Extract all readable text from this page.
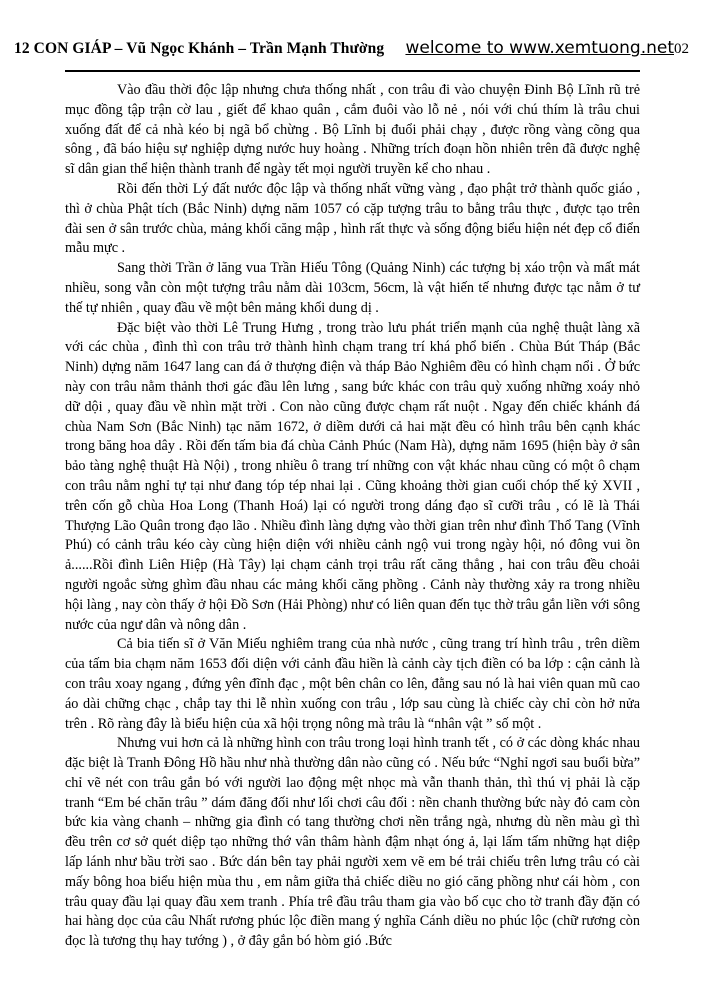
12 CON GIÁP – Vũ Ngọc Khánh – Trần Mạnh Thường welcome to www.xemtuong.net02

Vào đầu thời độc lập nhưng chưa thống nhất , con trâu đi vào chuyện Đinh Bộ Lĩnh rũ trẻ mục đồng tập trận cờ lau , giết để khao quân , cắm đuôi vào lỗ nẻ , nói với chú thím là trâu chui xuống đất để cả nhà kéo bị ngã bổ chừng . Bộ Lĩnh bị đuổi phải chạy , được rồng vàng cõng qua sông , đã báo hiệu sự nghiệp dựng nước huy hoàng . Những trích đoạn hồn nhiên trên đã được nghệ sĩ dân gian thể hiện thành tranh để ngày tết mọi người truyền kể cho nhau .

Rồi đến thời Lý đất nước độc lập và thống nhất vững vàng , đạo phật trở thành quốc giáo , thì ở chùa Phật tích (Bắc Ninh) dựng năm 1057 có cặp tượng trâu to bằng trâu thực , được tạo trên đài sen ở sân trước chùa, mảng khối căng mập , hình rất thực và sống động biểu hiện nét đẹp cổ điển mẫu mực .

Sang thời Trần ở lăng vua Trần Hiếu Tông (Quảng Ninh) các tượng bị xáo trộn và mất mát nhiều, song vẫn còn một tượng trâu nằm dài 103cm, 56cm, là vật hiến tế nhưng được tạc nằm ở tư thế tự nhiên , quay đầu về một bên mảng khối dung dị .

Đặc biệt vào thời Lê Trung Hưng , trong trào lưu phát triển mạnh của nghệ thuật làng xã với các chùa , đình thì con trâu trở thành hình chạm trang trí khá phổ biến . Chùa Bút Tháp (Bắc Ninh) dựng năm 1647 lang can đá ở thượng điện và tháp Bảo Nghiêm đều có hình chạm nổi . Ở bức này con trâu nằm thảnh thơi gác đầu lên lưng , sang bức khác con trâu quỳ xuống những xoáy nhỏ dữ dội , quay đầu về nhìn mặt trời . Con nào cũng được chạm rất nuột . Ngay đến chiếc khánh đá chùa Nam Sơn (Bắc Ninh) tạc năm 1672, ở diềm dưới cả hai mặt đều có hình trâu bên cạnh khác trong băng hoa dây . Rồi đến tấm bia đá chùa Cảnh Phúc (Nam Hà), dựng năm 1695 (hiện bày ở sân bảo tàng nghệ thuật Hà Nội) , trong nhiều ô trang trí những con vật khác nhau cũng có một ô chạm con trâu nằm nghỉ tự tại như đang tóp tép nhai lại . Cũng khoảng thời gian cuối chóp thế kỷ XVII , trên cốn gỗ chùa Hoa Long (Thanh Hoá) lại có người trong dáng đạo sĩ cưỡi trâu , có lẽ là Thái Thượng Lão Quân trong đạo lão . Nhiều đình làng dựng vào thời gian trên như đình Thổ Tang (Vĩnh Phú) có cảnh trâu kéo cày cùng hiện diện với nhiều cảnh ngộ vui trong ngày hội, nó đông vui ồn ả......Rồi đình Liên Hiệp (Hà Tây) lại chạm cảnh trọi trâu rất căng thẳng , hai con trâu đều choải người ngoắc sừng ghìm đầu nhau các mảng khối căng phồng . Cảnh này thường xảy ra trong nhiều hội làng , nay còn thấy ở hội Đồ Sơn (Hải Phòng) như có liên quan đến tục thờ trâu gắn liền với sông nước của ngư dân và nông dân .

Cả bia tiến sĩ ở Văn Miếu nghiêm trang của nhà nước , cũng trang trí hình trâu , trên diềm của tấm bia chạm năm 1653 đối diện với cảnh đầu hiền là cảnh cày tịch điền có ba lớp : cận cảnh là con trâu xoay ngang , đứng yên đĩnh đạc , một bên chân co lên, đằng sau nó là hai viên quan mũ cao áo dài chững chạc , chắp tay thi lễ nhìn xuống con trâu , lớp sau cùng là chiếc cày chỉ còn hở nửa trên . Rõ ràng đây là biểu hiện của xã hội trọng nông mà trâu là “nhân vật ” số một .

Nhưng vui hơn cả là những hình con trâu trong loại hình tranh tết , có ở các dòng khác nhau đặc biệt là Tranh Đông Hồ hầu như nhà thường dân nào cũng có . Nếu bức “Nghỉ ngơi sau buổi bừa” chỉ vẽ nét con trâu gắn bó với người lao động mệt nhọc mà vẫn thanh thản, thì thú vị phải là cặp tranh “Em bé chăn trâu ” dám đăng đối như lối chơi câu đối : nền chanh thường bức này đỏ cam còn bức kia vàng chanh – những gia đình có tang thường chơi nền trắng ngà, nhưng dù nền màu gì thì đều trên cơ sở quét diệp tạo những thớ vân thâm hành đậm nhạt óng ả, lại lấm tấm những hạt diệp lấp lánh như bầu trời sao . Bức dán bên tay phải người xem vẽ em bé trải chiếu trên lưng trâu có cài mấy bông hoa biểu hiện mùa thu , em nằm giữa thả chiếc diều no gió căng phồng như cái hòm , con trâu quay đầu lại quay đầu xem tranh . Phía trê đầu trâu tham gia vào bố cục cho tờ tranh đầy đặn có hai hàng dọc của câu Nhất rương phúc lộc điền mang ý nghĩa Cánh diều no phúc lộc (chữ rương còn đọc là tương thụ hay tướng ) , ở đây gắn bó hòm gió .Bức
